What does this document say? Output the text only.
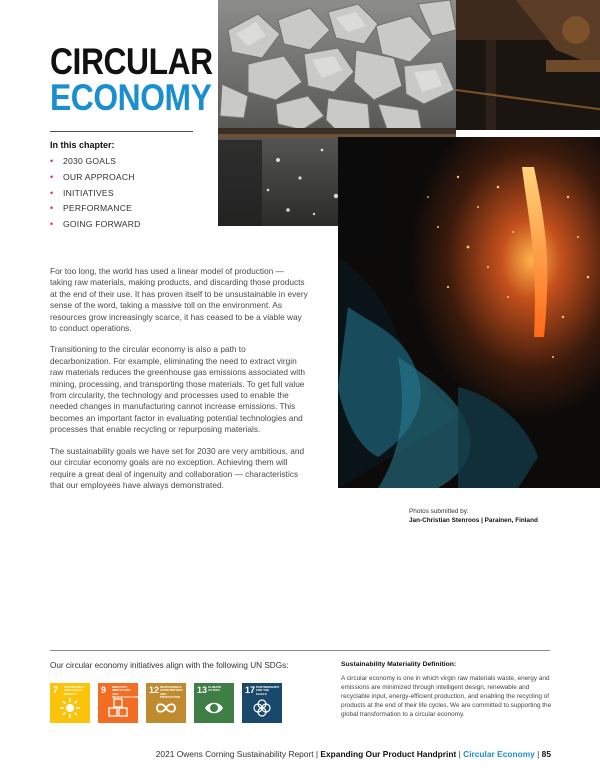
CIRCULAR
ECONOMY
In this chapter:
•	2030 GOALS
•	OUR APPROACH
•	INITIATIVES
•	PERFORMANCE
•	GOING FORWARD

For too long, the world has used a linear model of production — taking raw materials, making products, and discarding those products at the end of their use. It has proven itself to be unsustainable in every sense of the word, taking a massive toll on the environment. As resources grow increasingly scarce, it has ceased to be a viable way to conduct operations.

Transitioning to the circular economy is also a path to decarbonization. For example, eliminating the need to extract virgin raw materials reduces the greenhouse gas emissions associated with mining, processing, and transporting those materials. To get full value from circularity, the technology and processes used to enable the needed changes in manufacturing cannot increase emissions. This becomes an important factor in evaluating potential technologies and processes that enable recycling or repurposing materials.

The sustainability goals we have set for 2030 are very ambitious, and our circular economy goals are no exception. Achieving them will require a great deal of ingenuity and collaboration — characteristics that our employees have always demonstrated.

Photos submitted by:
Jan-Christian Stenroos | Parainen, Finland
Our circular economy initiatives align with the following UN SDGs:
7 AFFORDABLE AND CLEAN ENERGY	9 INDUSTRY, INNOVATION AND INFRASTRUCTURE
12 RESPONSIBLE CONSUMPTION AND PRODUCTION
13 CLIMATE ACTION	17 PARTNERSHIPS FOR THE GOALS
Sustainability Materiality Definition:

A circular economy is one in which virgin raw materials waste, energy and emissions are minimized through intelligent design, renewable and recyclable input, energy-efficient production, and enabling the recycling of products at the end of their life cycles. We are committed to supporting the global transformation to a circular economy.

2021 Owens Corning Sustainability Report | Expanding Our Product Handprint | Circular Economy | 85
